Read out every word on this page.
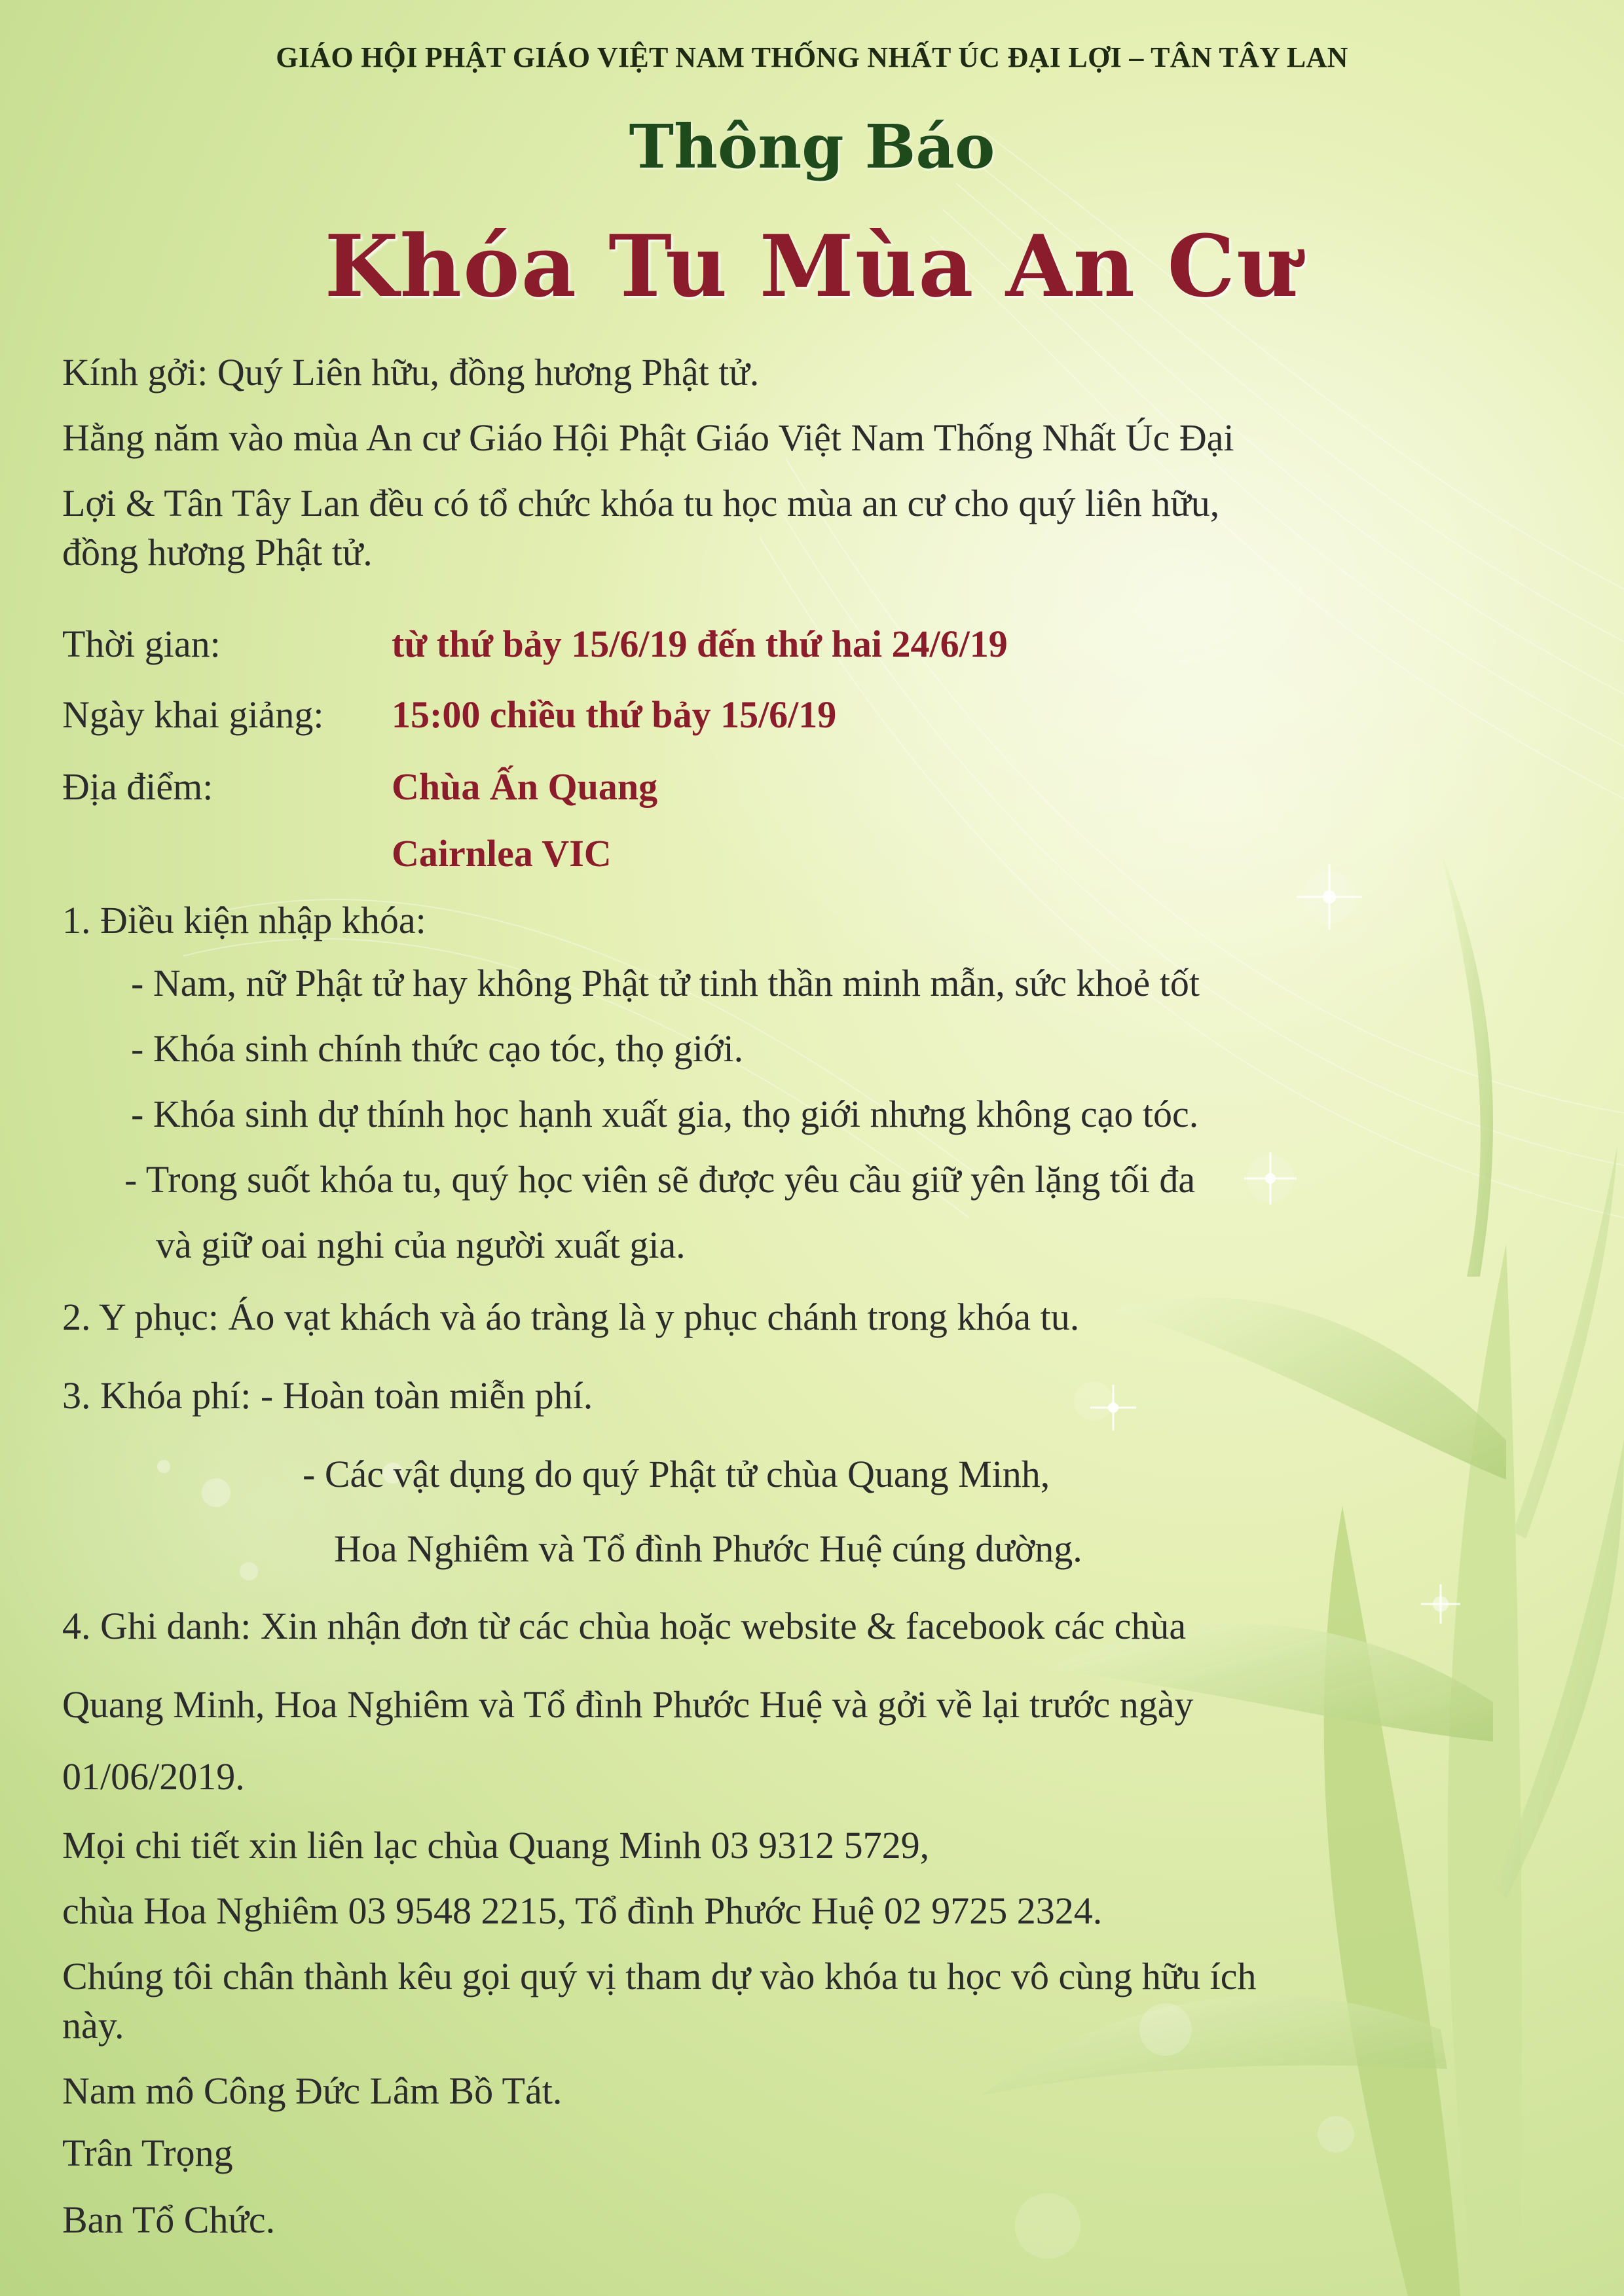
GIÁO HỘI PHẬT GIÁO VIỆT NAM THỐNG NHẤT ÚC ĐẠI LỢI – TÂN TÂY LAN
Thông Báo
Khóa Tu Mùa An Cư
Kính gởi: Quý Liên hữu, đồng hương Phật tử.
Hằng năm vào mùa An cư Giáo Hội Phật Giáo Việt Nam Thống Nhất Úc Đại
Lợi & Tân Tây Lan đều có tổ chức khóa tu học mùa an cư cho quý liên hữu,
đồng hương Phật tử.
Thời gian:	từ thứ bảy 15/6/19 đến thứ hai 24/6/19
Ngày khai giảng: 15:00 chiều thứ bảy 15/6/19
Địa điểm:	Chùa Ấn Quang
Cairnlea VIC
1. Điều kiện nhập khóa:
- Nam, nữ Phật tử hay không Phật tử tinh thần minh mẫn, sức khoẻ tốt
- Khóa sinh chính thức cạo tóc, thọ giới.
- Khóa sinh dự thính học hạnh xuất gia, thọ giới nhưng không cạo tóc.
- Trong suốt khóa tu, quý học viên sẽ được yêu cầu giữ yên lặng tối đa
và giữ oai nghi của người xuất gia.
2. Y phục: Áo vạt khách và áo tràng là y phục chánh trong khóa tu.
3. Khóa phí: - Hoàn toàn miễn phí.
- Các vật dụng do quý Phật tử chùa Quang Minh,
Hoa Nghiêm và Tổ đình Phước Huệ cúng dường.
4. Ghi danh: Xin nhận đơn từ các chùa hoặc website & facebook các chùa
Quang Minh, Hoa Nghiêm và Tổ đình Phước Huệ và gởi về lại trước ngày
01/06/2019.
Mọi chi tiết xin liên lạc chùa Quang Minh 03 9312 5729,
chùa Hoa Nghiêm 03 9548 2215, Tổ đình Phước Huệ 02 9725 2324.
Chúng tôi chân thành kêu gọi quý vị tham dự vào khóa tu học vô cùng hữu ích
này.
Nam mô Công Đức Lâm Bồ Tát.
Trân Trọng
Ban Tổ Chức.
